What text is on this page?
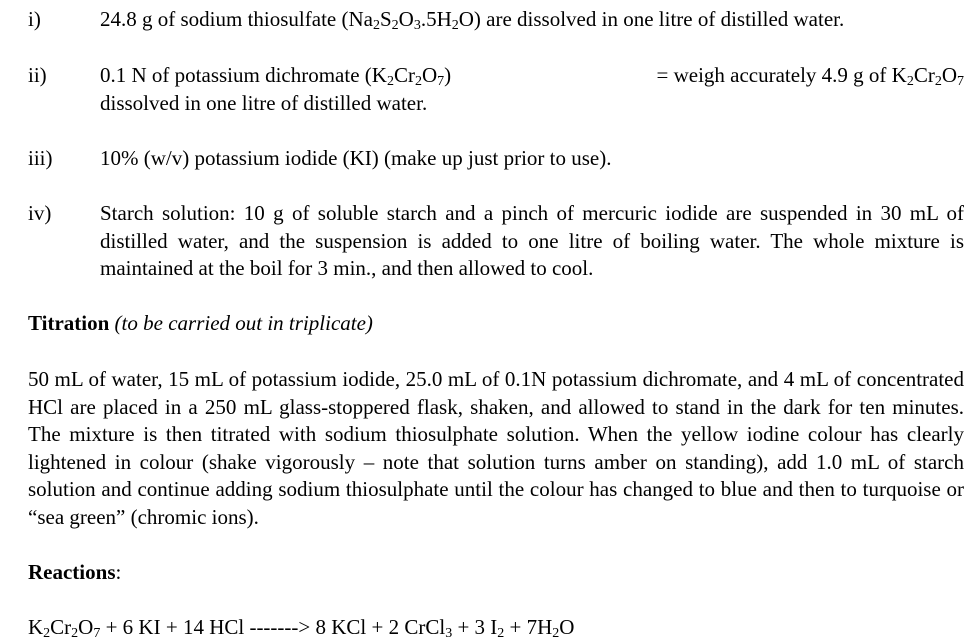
i)	24.8 g of sodium thiosulfate $(Na_2S_2O_3.5H_2O)$ are dissolved in one litre of distilled water.
ii)	0.1 N of potassium dichromate $(K_2Cr_2O_7)$	= weigh accurately 4.9 g of $K_2Cr_2O_7$
dissolved in one litre of distilled water.
iii) 10% (w/v) potassium iodide (KI) (make up just prior to use).
iv) Starch solution: 10 g of soluble starch and a pinch of mercuric iodide are suspended in 30 mL of distilled water, and the suspension is added to one litre of boiling water. The whole mixture is maintained at the boil for 3 min., and then allowed to cool.
Titration (to be carried out in triplicate)
50 mL of water, 15 mL of potassium iodide, 25.0 mL of 0.1N potassium dichromate, and 4 mL of concentrated HCl are placed in a 250 mL glass-stoppered flask, shaken, and allowed to stand in the dark for ten minutes. The mixture is then titrated with sodium thiosulphate solution. When the yellow iodine colour has clearly lightened in colour (shake vigorously – note that solution turns amber on standing), add 1.0 mL of starch solution and continue adding sodium thiosulphate until the colour has changed to blue and then to turquoise or “sea green” (chromic ions).
Reactions:
$K_2Cr_2O_7 + 6$ KI + 14 HCl -------> 8 KCl + 2 CrCl$_3$ + 3 $I_2 + 7H_2O$
